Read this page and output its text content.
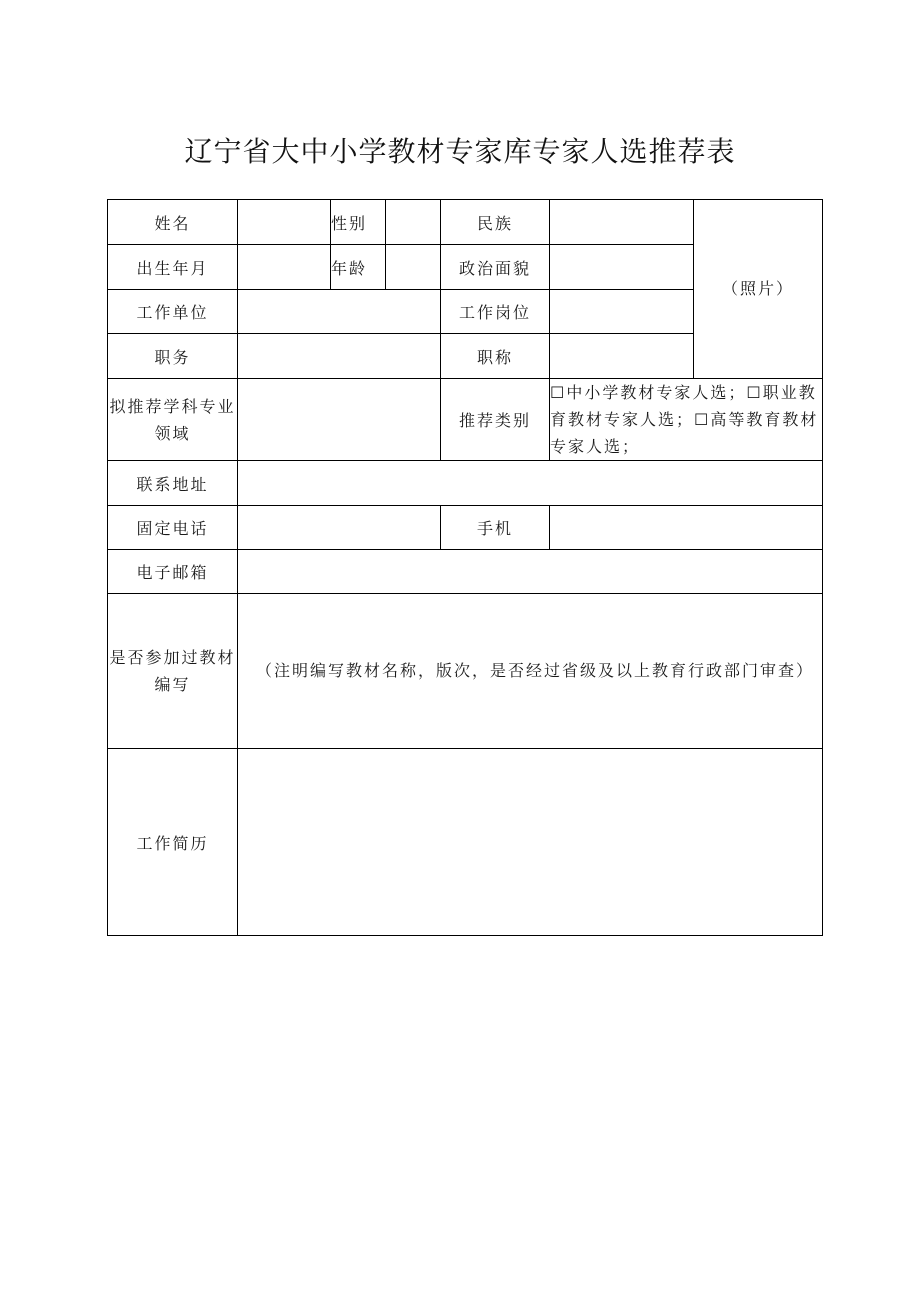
辽宁省大中小学教材专家库专家人选推荐表
姓名		性别		民族		（照片）
出生年月		年龄		政治面貌		

工作单位				工作岗位		

职务				职称		

拟推荐学科专业领域				推荐类别	☐中小学教材专家人选；☐职业教育教材专家人选；☐高等教育教材专家人选；	
联系地址						

固定电话				手机		

电子邮箱						

是否参加过教材编写	（注明编写教材名称，版次，是否经过省级及以上教育行政部门审查）					

工作简历						
